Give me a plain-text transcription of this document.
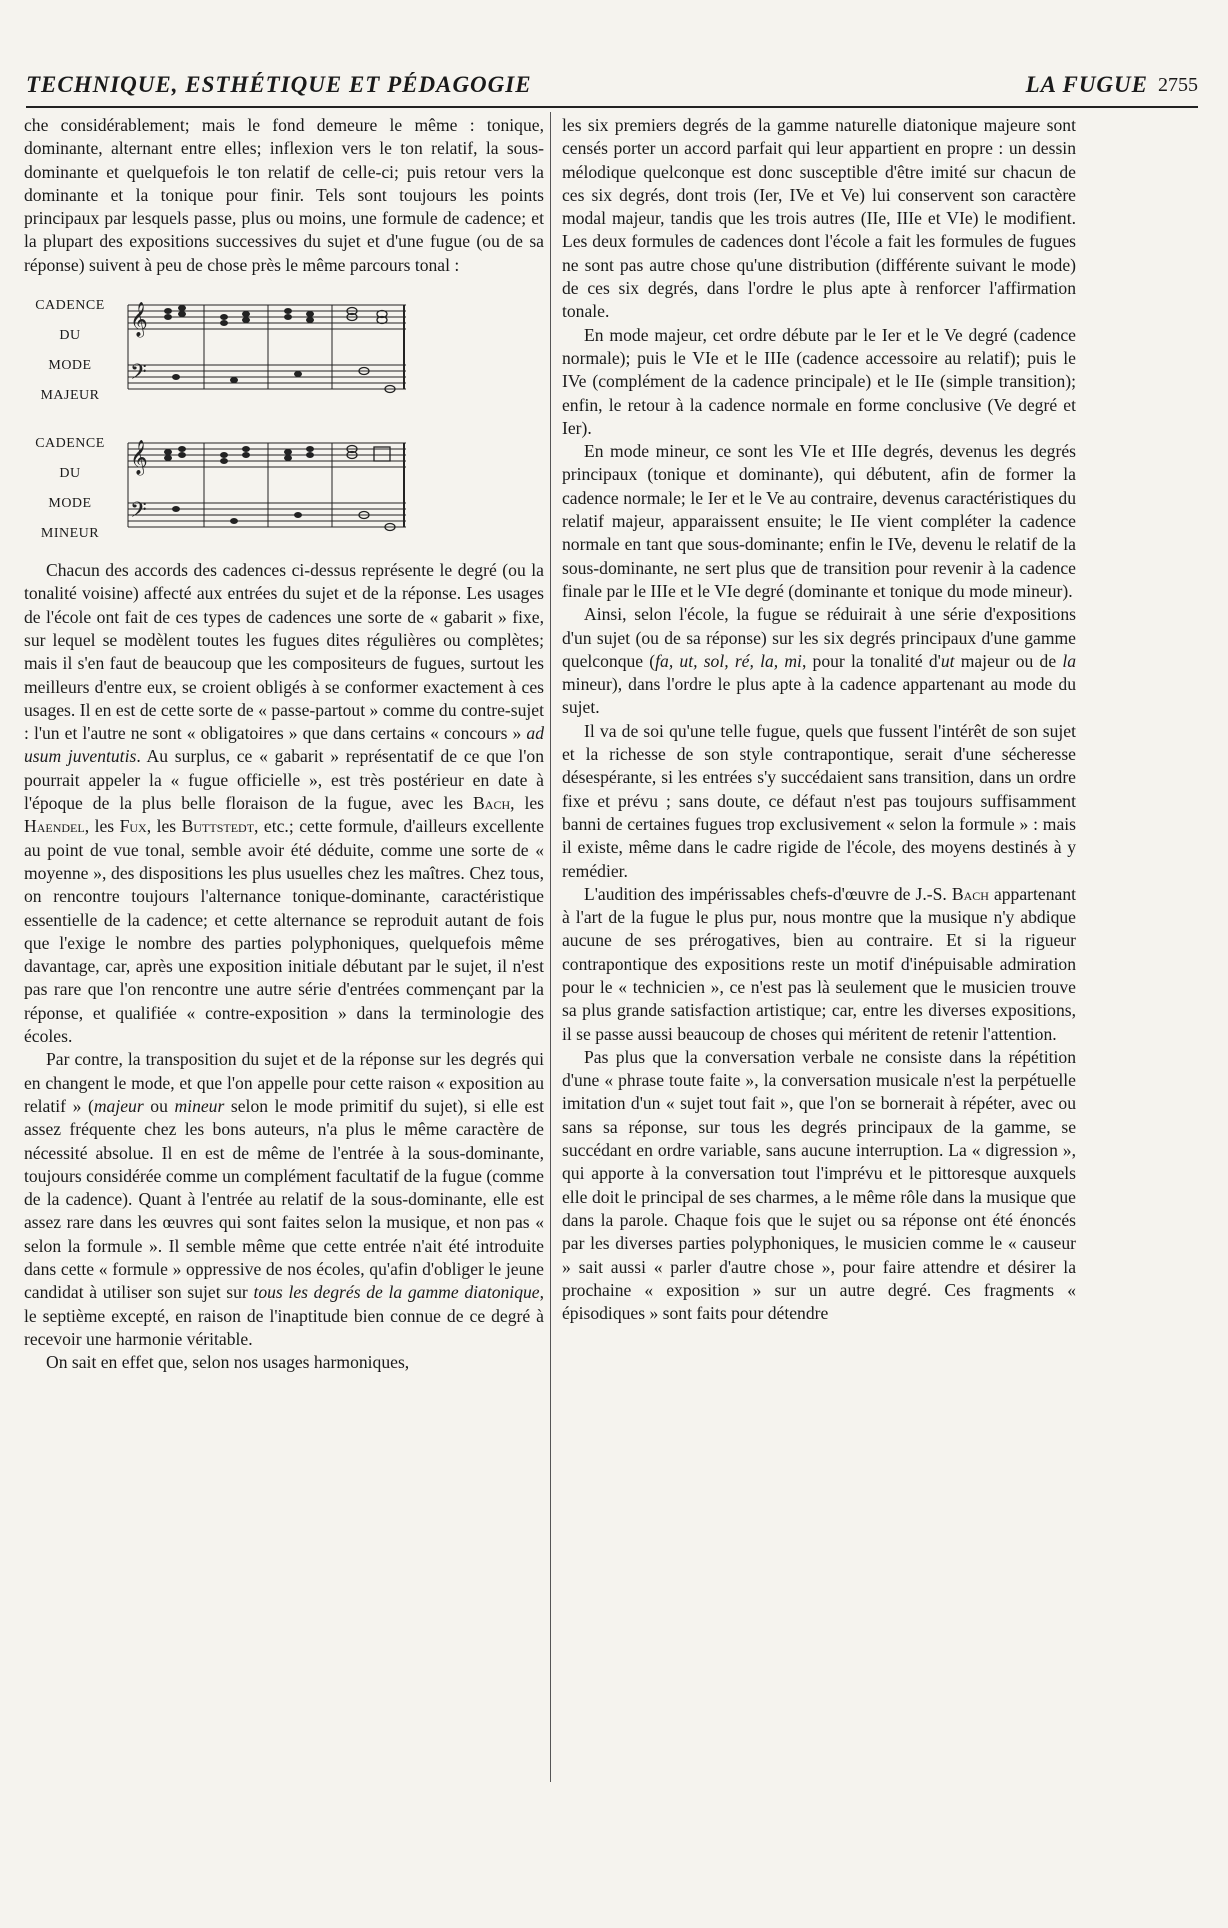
TECHNIQUE, ESTHÉTIQUE ET PÉDAGOGIE	LA FUGUE 2755

che considérablement; mais le fond demeure le même : tonique, dominante, alternant entre elles; inflexion vers le ton relatif, la sous-dominante et quelquefois le ton relatif de celle-ci; puis retour vers la dominante et la tonique pour finir. Tels sont toujours les points principaux par lesquels passe, plus ou moins, une formule de cadence; et la plupart des expositions successives du sujet et d'une fugue (ou de sa réponse) suivent à peu de chose près le même parcours tonal :

CADENCE
DU
MODE MAJEUR
𝄞
𝄢
CADENCE
DU
MODE MINEUR
𝄞
𝄢

Chacun des accords des cadences ci-dessus représente le degré (ou la tonalité voisine) affecté aux entrées du sujet et de la réponse. Les usages de l'école ont fait de ces types de cadences une sorte de « gabarit » fixe, sur lequel se modèlent toutes les fugues dites régulières ou complètes; mais il s'en faut de beaucoup que les compositeurs de fugues, surtout les meilleurs d'entre eux, se croient obligés à se conformer exactement à ces usages. Il en est de cette sorte de « passe-partout » comme du contre-sujet : l'un et l'autre ne sont « obligatoires » que dans certains « concours » ad usum juventutis. Au surplus, ce « gabarit » représentatif de ce que l'on pourrait appeler la « fugue officielle », est très postérieur en date à l'époque de la plus belle floraison de la fugue, avec les Bach, les Haendel, les Fux, les Buttstedt, etc.; cette formule, d'ailleurs excellente au point de vue tonal, semble avoir été déduite, comme une sorte de « moyenne », des dispositions les plus usuelles chez les maîtres. Chez tous, on rencontre toujours l'alternance tonique-dominante, caractéristique essentielle de la cadence; et cette alternance se reproduit autant de fois que l'exige le nombre des parties polyphoniques, quelquefois même davantage, car, après une exposition initiale débutant par le sujet, il n'est pas rare que l'on rencontre une autre série d'entrées commençant par la réponse, et qualifiée « contre-exposition » dans la terminologie des écoles.

Par contre, la transposition du sujet et de la réponse sur les degrés qui en changent le mode, et que l'on appelle pour cette raison « exposition au relatif » (majeur ou mineur selon le mode primitif du sujet), si elle est assez fréquente chez les bons auteurs, n'a plus le même caractère de nécessité absolue. Il en est de même de l'entrée à la sous-dominante, toujours considérée comme un complément facultatif de la fugue (comme de la cadence). Quant à l'entrée au relatif de la sous-dominante, elle est assez rare dans les œuvres qui sont faites selon la musique, et non pas « selon la formule ». Il semble même que cette entrée n'ait été introduite dans cette « formule » oppressive de nos écoles, qu'afin d'obliger le jeune candidat à utiliser son sujet sur tous les degrés de la gamme diatonique, le septième excepté, en raison de l'inaptitude bien connue de ce degré à recevoir une harmonie véritable.

On sait en effet que, selon nos usages harmoniques,

les six premiers degrés de la gamme naturelle diatonique majeure sont censés porter un accord parfait qui leur appartient en propre : un dessin mélodique quelconque est donc susceptible d'être imité sur chacun de ces six degrés, dont trois (Ier, IVe et Ve) lui conservent son caractère modal majeur, tandis que les trois autres (IIe, IIIe et VIe) le modifient. Les deux formules de cadences dont l'école a fait les formules de fugues ne sont pas autre chose qu'une distribution (différente suivant le mode) de ces six degrés, dans l'ordre le plus apte à renforcer l'affirmation tonale.

En mode majeur, cet ordre débute par le Ier et le Ve degré (cadence normale); puis le VIe et le IIIe (cadence accessoire au relatif); puis le IVe (complément de la cadence principale) et le IIe (simple transition); enfin, le retour à la cadence normale en forme conclusive (Ve degré et Ier).

En mode mineur, ce sont les VIe et IIIe degrés, devenus les degrés principaux (tonique et dominante), qui débutent, afin de former la cadence normale; le Ier et le Ve au contraire, devenus caractéristiques du relatif majeur, apparaissent ensuite; le IIe vient compléter la cadence normale en tant que sous-dominante; enfin le IVe, devenu le relatif de la sous-dominante, ne sert plus que de transition pour revenir à la cadence finale par le IIIe et le VIe degré (dominante et tonique du mode mineur).

Ainsi, selon l'école, la fugue se réduirait à une série d'expositions d'un sujet (ou de sa réponse) sur les six degrés principaux d'une gamme quelconque (fa, ut, sol, ré, la, mi, pour la tonalité d'ut majeur ou de la mineur), dans l'ordre le plus apte à la cadence appartenant au mode du sujet.

Il va de soi qu'une telle fugue, quels que fussent l'intérêt de son sujet et la richesse de son style contrapontique, serait d'une sécheresse désespérante, si les entrées s'y succédaient sans transition, dans un ordre fixe et prévu ; sans doute, ce défaut n'est pas toujours suffisamment banni de certaines fugues trop exclusivement « selon la formule » : mais il existe, même dans le cadre rigide de l'école, des moyens destinés à y remédier.

L'audition des impérissables chefs-d'œuvre de J.-S. Bach appartenant à l'art de la fugue le plus pur, nous montre que la musique n'y abdique aucune de ses prérogatives, bien au contraire. Et si la rigueur contrapontique des expositions reste un motif d'inépuisable admiration pour le « technicien », ce n'est pas là seulement que le musicien trouve sa plus grande satisfaction artistique; car, entre les diverses expositions, il se passe aussi beaucoup de choses qui méritent de retenir l'attention.

Pas plus que la conversation verbale ne consiste dans la répétition d'une « phrase toute faite », la conversation musicale n'est la perpétuelle imitation d'un « sujet tout fait », que l'on se bornerait à répéter, avec ou sans sa réponse, sur tous les degrés principaux de la gamme, se succédant en ordre variable, sans aucune interruption. La « digression », qui apporte à la conversation tout l'imprévu et le pittoresque auxquels elle doit le principal de ses charmes, a le même rôle dans la musique que dans la parole. Chaque fois que le sujet ou sa réponse ont été énoncés par les diverses parties polyphoniques, le musicien comme le « causeur » sait aussi « parler d'autre chose », pour faire attendre et désirer la prochaine « exposition » sur un autre degré. Ces fragments « épisodiques » sont faits pour détendre
